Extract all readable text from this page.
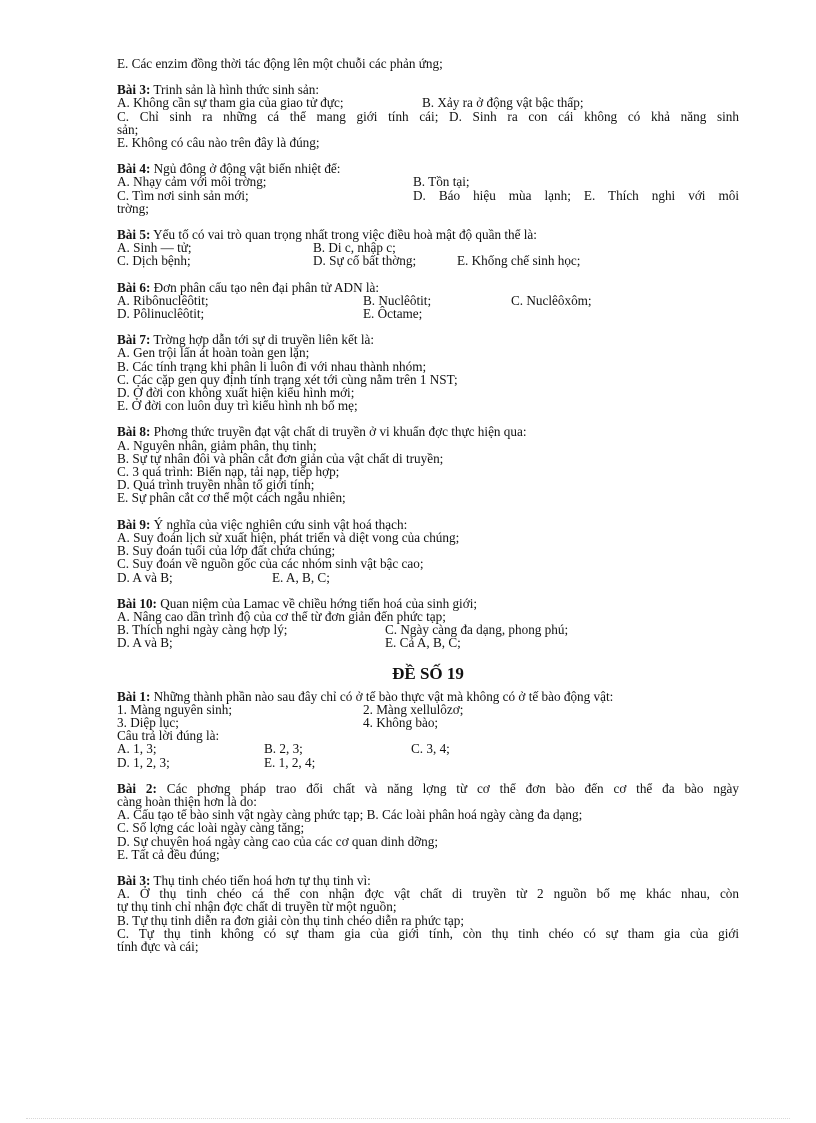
E. Các enzim đồng thời tác động lên một chuỗi các phản ứng;
Bài 3: Trinh sản là hình thức sinh sản:
A. Không cần sự tham gia của giao tử đực;	B. Xảy ra ở động vật bậc thấp;
C. Chỉ sinh ra những cá thể mang giới tính cái; D. Sinh ra con cái không có khả năng sinh
sản;
E. Không có câu nào trên đây là đúng;
Bài 4: Ngủ đông ở động vật biến nhiệt để:
A. Nhạy cảm với môi trờng;	B. Tồn tại;
C. Tìm nơi sinh sản mới;	D. Báo hiệu mùa lạnh; E. Thích nghi với môi
trờng;
Bài 5: Yếu tố có vai trò quan trọng nhất trong việc điều hoà mật độ quần thể là:
A. Sinh — tử;	B. Di c, nhập c;
C. Dịch bệnh;	D. Sự cố bất thờng;	E. Khống chế sinh học;
Bài 6: Đơn phân cấu tạo nên đại phân tử ADN là:
A. Ribônuclêôtit;	B. Nuclêôtit;	C. Nuclêôxôm;
D. Pôlinuclêôtit;	E. Ôctame;
Bài 7: Trờng hợp dẫn tới sự di truyền liên kết là:
A. Gen trội lấn át hoàn toàn gen lặn;
B. Các tính trạng khi phân li luôn đi với nhau thành nhóm;
C. Các cặp gen quy định tính trạng xét tới cùng nằm trên 1 NST;
D. Ở đời con không xuất hiện kiểu hình mới;
E. Ở đời con luôn duy trì kiểu hình nh bố mẹ;
Bài 8: Phơng thức truyền đạt vật chất di truyền ở vi khuẩn đợc thực hiện qua:
A. Nguyên nhân, giảm phân, thụ tinh;
B. Sự tự nhân đôi và phân cắt đơn giản của vật chất di truyền;
C. 3 quá trình: Biến nạp, tải nạp, tiếp hợp;
D. Quá trình truyền nhân tố giới tính;
E. Sự phân cắt cơ thể một cách ngẫu nhiên;
Bài 9: Ý nghĩa của việc nghiên cứu sinh vật hoá thạch:
A. Suy đoán lịch sử xuất hiện, phát triển và diệt vong của chúng;
B. Suy đoán tuổi của lớp đất chứa chúng;
C. Suy đoán về nguồn gốc của các nhóm sinh vật bậc cao;
D. A và B;	E. A, B, C;
Bài 10: Quan niệm của Lamac về chiều hớng tiến hoá của sinh giới;
A. Nâng cao dần trình độ của cơ thể từ đơn giản đến phức tạp;
B. Thích nghi ngày càng hợp lý;	C. Ngày càng đa dạng, phong phú;
D. A và B;	E. Cả A, B, C;
ĐỀ SỐ 19
Bài 1: Những thành phần nào sau đây chỉ có ở tế bào thực vật mà không có ở tế bào động vật:
1. Màng nguyên sinh;	2. Màng xellulôzơ;
3. Diệp lục;	4. Không bào;
Câu trả lời đúng là:
A. 1, 3;	B. 2, 3;	C. 3, 4;
D. 1, 2, 3;	E. 1, 2, 4;
Bài 2: Các phơng pháp trao đổi chất và năng lợng từ cơ thể đơn bào đến cơ thể đa bào ngày
càng hoàn thiện hơn là do:
A. Cấu tạo tế bào sinh vật ngày càng phức tạp; B. Các loài phân hoá ngày càng đa dạng;
C. Số lợng các loài ngày càng tăng;
D. Sự chuyên hoá ngày càng cao của các cơ quan dinh dỡng;
E. Tất cả đều đúng;
Bài 3: Thụ tinh chéo tiến hoá hơn tự thụ tinh vì:
A. Ở thụ tinh chéo cá thể con nhận đợc vật chất di truyền từ 2 nguồn bố mẹ khác nhau, còn
tự thụ tinh chỉ nhận đợc chất di truyền từ một nguồn;
B. Tự thụ tinh diễn ra đơn giải còn thụ tinh chéo diễn ra phức tạp;
C. Tự thụ tinh không có sự tham gia của giới tính, còn thụ tinh chéo có sự tham gia của giới
tính đực và cái;
